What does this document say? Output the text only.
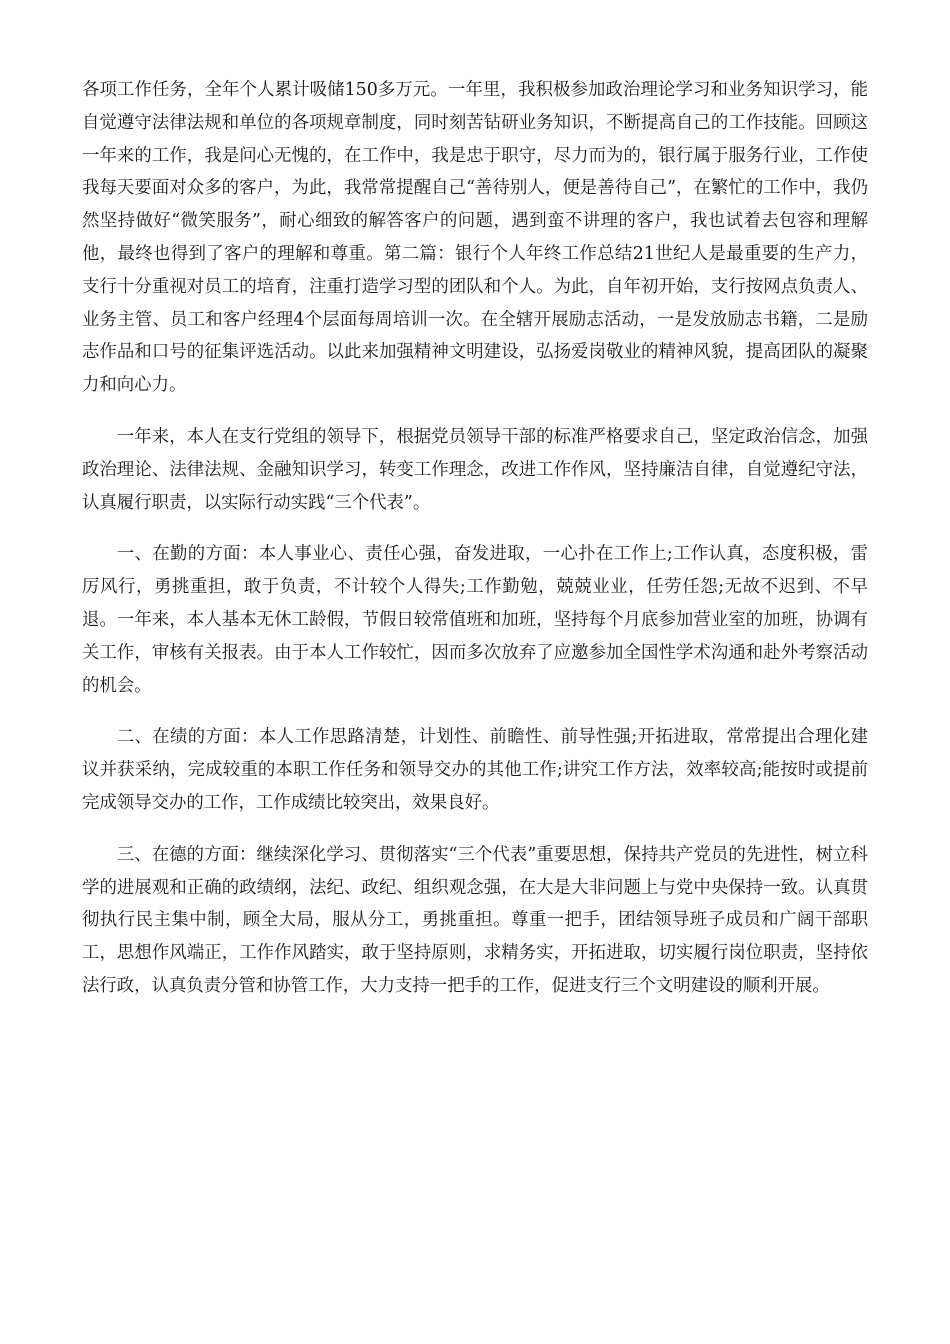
各项工作任务，全年个人累计吸储150多万元。一年里，我积极参加政治理论学习和业务知识学习，能自觉遵守法律法规和单位的各项规章制度，同时刻苦钻研业务知识，不断提高自己的工作技能。回顾这一年来的工作，我是问心无愧的，在工作中，我是忠于职守，尽力而为的，银行属于服务行业，工作使我每天要面对众多的客户，为此，我常常提醒自己“善待别人，便是善待自己”，在繁忙的工作中，我仍然坚持做好“微笑服务”，耐心细致的解答客户的问题，遇到蛮不讲理的客户，我也试着去包容和理解他，最终也得到了客户的理解和尊重。第二篇：银行个人年终工作总结21世纪人是最重要的生产力，支行十分重视对员工的培育，注重打造学习型的团队和个人。为此，自年初开始，支行按网点负责人、业务主管、员工和客户经理4个层面每周培训一次。在全辖开展励志活动，一是发放励志书籍，二是励志作品和口号的征集评选活动。以此来加强精神文明建设，弘扬爱岗敬业的精神风貌，提高团队的凝聚力和向心力。

一年来，本人在支行党组的领导下，根据党员领导干部的标准严格要求自己，坚定政治信念，加强政治理论、法律法规、金融知识学习，转变工作理念，改进工作作风，坚持廉洁自律，自觉遵纪守法，认真履行职责，以实际行动实践“三个代表”。

一、在勤的方面：本人事业心、责任心强，奋发进取，一心扑在工作上;工作认真，态度积极，雷厉风行，勇挑重担，敢于负责，不计较个人得失;工作勤勉，兢兢业业，任劳任怨;无故不迟到、不早退。一年来，本人基本无休工龄假，节假日较常值班和加班，坚持每个月底参加营业室的加班，协调有关工作，审核有关报表。由于本人工作较忙，因而多次放弃了应邀参加全国性学术沟通和赴外考察活动的机会。

二、在绩的方面：本人工作思路清楚，计划性、前瞻性、前导性强;开拓进取，常常提出合理化建议并获采纳，完成较重的本职工作任务和领导交办的其他工作;讲究工作方法，效率较高;能按时或提前完成领导交办的工作，工作成绩比较突出，效果良好。

三、在德的方面：继续深化学习、贯彻落实“三个代表”重要思想，保持共产党员的先进性，树立科学的进展观和正确的政绩纲，法纪、政纪、组织观念强，在大是大非问题上与党中央保持一致。认真贯彻执行民主集中制，顾全大局，服从分工，勇挑重担。尊重一把手，团结领导班子成员和广阔干部职工，思想作风端正，工作作风踏实，敢于坚持原则，求精务实，开拓进取，切实履行岗位职责，坚持依法行政，认真负责分管和协管工作，大力支持一把手的工作，促进支行三个文明建设的顺利开展。
